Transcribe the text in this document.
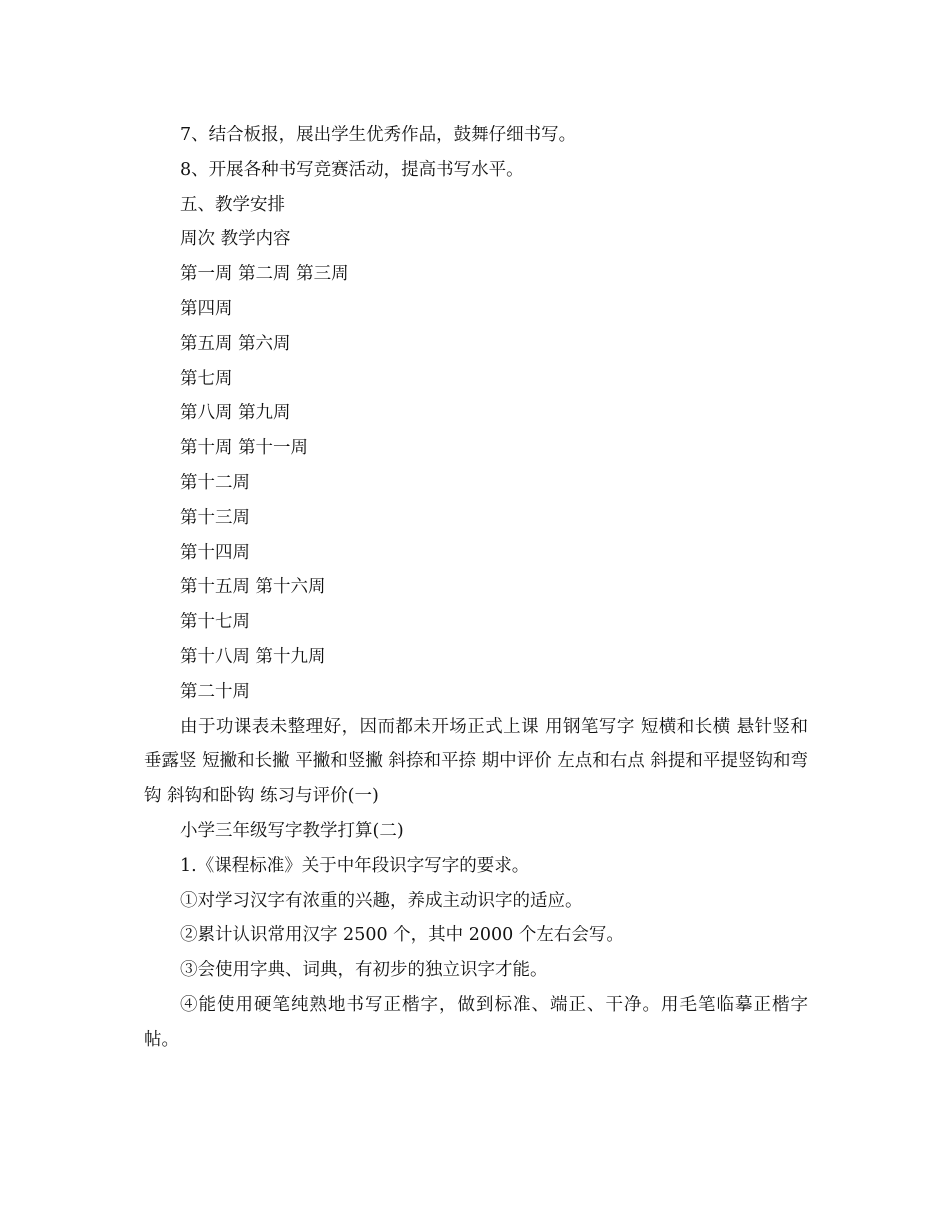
7、结合板报，展出学生优秀作品，鼓舞仔细书写。
8、开展各种书写竞赛活动，提高书写水平。
五、教学安排
周次 教学内容
第一周 第二周 第三周
第四周
第五周 第六周
第七周
第八周 第九周
第十周 第十一周
第十二周
第十三周
第十四周
第十五周 第十六周
第十七周
第十八周 第十九周
第二十周
由于功课表未整理好，因而都未开场正式上课 用钢笔写字 短横和长横 悬针竖和垂露竖 短撇和长撇 平撇和竖撇 斜捺和平捺 期中评价 左点和右点 斜提和平提竖钩和弯钩 斜钩和卧钩 练习与评价(一)
小学三年级写字教学打算(二)
1.《课程标准》关于中年段识字写字的要求。
①对学习汉字有浓重的兴趣，养成主动识字的适应。
②累计认识常用汉字 2500 个，其中 2000 个左右会写。
③会使用字典、词典，有初步的独立识字才能。
④能使用硬笔纯熟地书写正楷字，做到标准、端正、干净。用毛笔临摹正楷字帖。
